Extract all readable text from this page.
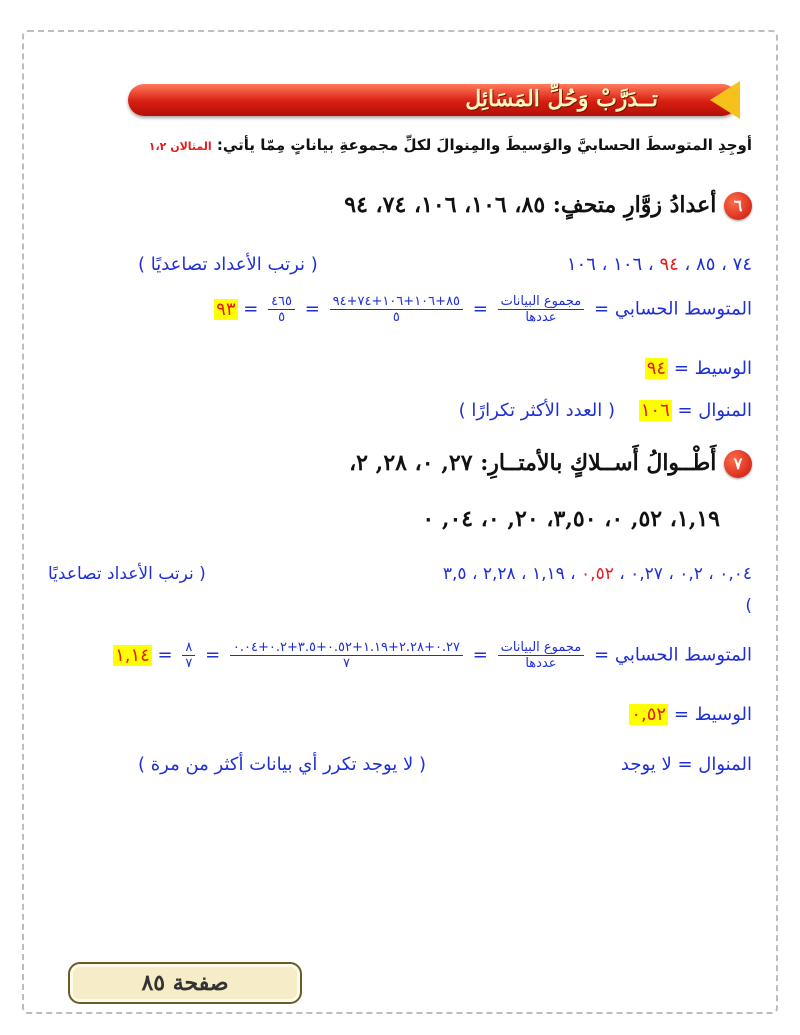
تــدَرَّبْ وَحُلِّ المَسَائِل
أوجِدِ المتوسطَ الحسابيَّ والوَسيطَ والمِنوالَ لكلِّ مجموعةِ بياناتٍ مِمّا يأتي: المثالان ١،٢
٦ أعدادُ زوَّارِ متحفٍ: ٨٥، ١٠٦، ١٠٦، ٧٤، ٩٤
٧٤ ، ٨٥ ، ٩٤ ، ١٠٦ ، ١٠٦
( نرتب الأعداد تصاعديًا )
المتوسط الحسابي =
$\frac{\text{مجموع البيانات}}{\text{عددها}}$
=
$\frac{٨٥+١٠٦+١٠٦+٧٤+٩٤}{٥}$
=
$\frac{٤٦٥}{٥}$
= ٩٣
الوسيط = ٩٤
المنوال = ١٠٦ ( العدد الأكثر تكرارًا )
٧ أَطْــوالُ أَســلاكٍ بالأمتــارِ: ٢٧, ٠، ٢٨, ٢،
١,١٩، ٥٢, ٠، ٣,٥٠، ٢٠, ٠، ٠٤, ٠
٠,٠٤ ، ٠,٢ ، ٠,٢٧ ، ٠,٥٢ ، ١,١٩ ، ٢,٢٨ ، ٣,٥
( نرتب الأعداد تصاعديًا
)
المتوسط الحسابي =
$\frac{\text{مجموع البيانات}}{\text{عددها}}$
=
$\frac{٠.٢٧+٢.٢٨+١.١٩+٠.٥٢+٣.٥+٠.٢+٠.٠٤}{٧}$
=
$\frac{٨}{٧}$
= ١,١٤
الوسيط = ٠,٥٢
المنوال = لا يوجد
( لا يوجد تكرر أي بيانات أكثر من مرة )
صفحة ٨٥
